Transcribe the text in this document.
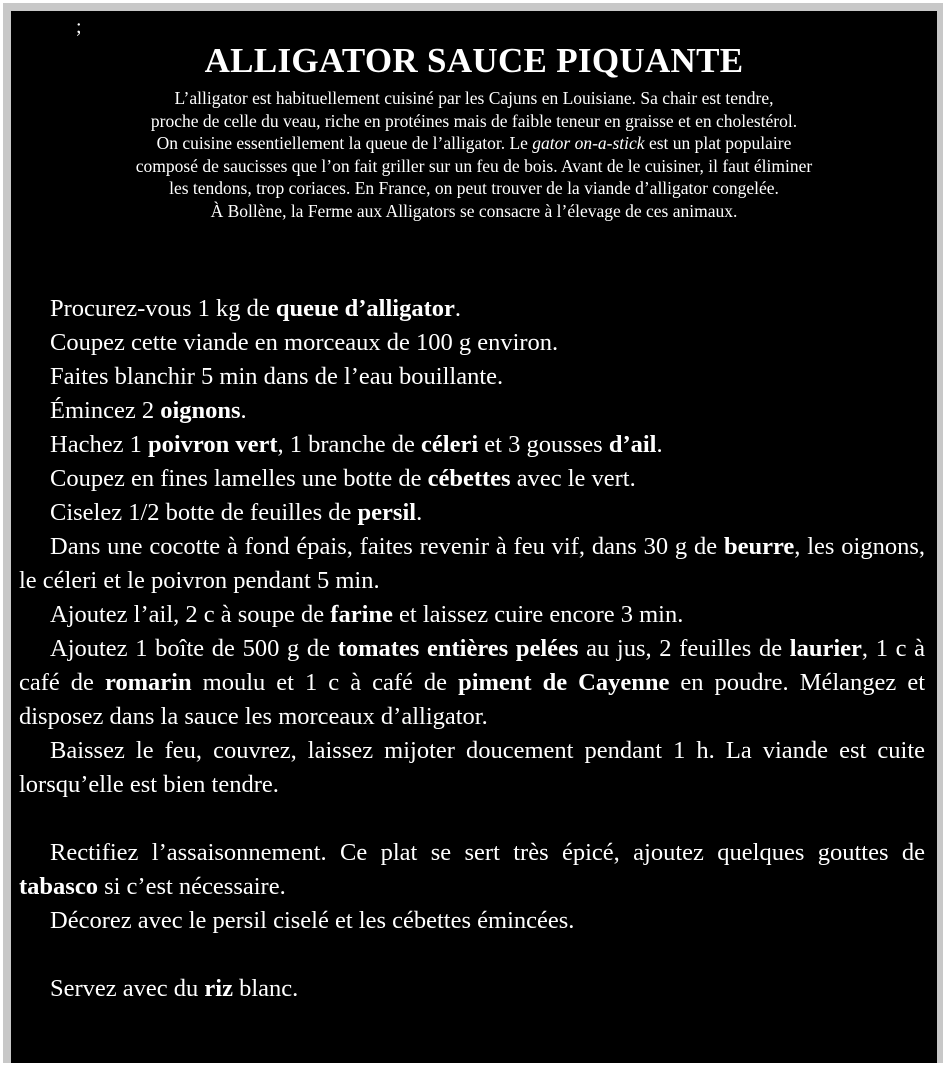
;
ALLIGATOR SAUCE PIQUANTE
L’alligator est habituellement cuisiné par les Cajuns en Louisiane. Sa chair est tendre,
proche de celle du veau, riche en protéines mais de faible teneur en graisse et en cholestérol.
On cuisine essentiellement la queue de l’alligator. Le gator on-a-stick est un plat populaire
composé de saucisses que l’on fait griller sur un feu de bois. Avant de le cuisiner, il faut éliminer
les tendons, trop coriaces. En France, on peut trouver de la viande d’alligator congelée.
À Bollène, la Ferme aux Alligators se consacre à l’élevage de ces animaux.

Procurez-vous 1 kg de queue d’alligator.

Coupez cette viande en morceaux de 100 g environ.

Faites blanchir 5 min dans de l’eau bouillante.

Émincez 2 oignons.

Hachez 1 poivron vert, 1 branche de céleri et 3 gousses d’ail.

Coupez en fines lamelles une botte de cébettes avec le vert.

Ciselez 1/2 botte de feuilles de persil.

Dans une cocotte à fond épais, faites revenir à feu vif, dans 30 g de beurre, les oignons, le céleri et le poivron pendant 5 min.

Ajoutez l’ail, 2 c à soupe de farine et laissez cuire encore 3 min.

Ajoutez 1 boîte de 500 g de tomates entières pelées au jus, 2 feuilles de laurier, 1 c à café de romarin moulu et 1 c à café de piment de Cayenne en poudre. Mélangez et disposez dans la sauce les morceaux d’alligator.

Baissez le feu, couvrez, laissez mijoter doucement pendant 1 h. La viande est cuite lorsqu’elle est bien tendre.

Rectifiez l’assaisonnement. Ce plat se sert très épicé, ajoutez quelques gouttes de tabasco si c’est nécessaire.

Décorez avec le persil ciselé et les cébettes émincées.

Servez avec du riz blanc.
